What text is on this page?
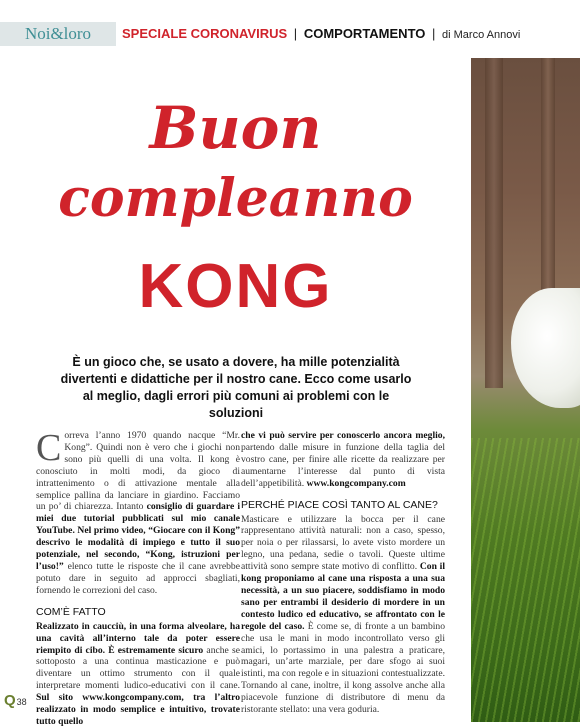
Noi&loro	SPECIALE CORONAVIRUS | COMPORTAMENTO | di Marco Annovi
Buon
compleanno
KONG
È un gioco che, se usato a dovere, ha mille potenzialità divertenti e didattiche per il nostro cane. Ecco come usarlo al meglio, dagli errori più comuni ai problemi con le soluzioni

Correva l’anno 1970 quando nacque “Mr. Kong”. Quindi non è vero che i giochi non sono più quelli di una volta. Il kong è conosciuto in molti modi, da gioco di intrattenimento o di attivazione mentale alla semplice pallina da lanciare in giardino. Facciamo un po’ di chiarezza. Intanto consiglio di guardare i miei due tutorial pubblicati sul mio canale YouTube. Nel primo video, “Giocare con il Kong” descrivo le modalità di impiego e tutto il suo potenziale, nel secondo, “Kong, istruzioni per l’uso!” elenco tutte le risposte che il cane avrebbe potuto dare in seguito ad approcci sbagliati, fornendo le correzioni del caso.

COM’È FATTO

Realizzato in caucciù, in una forma alveolare, ha una cavità all’interno tale da poter essere riempito di cibo. È estremamente sicuro anche se sottoposto a una continua masticazione e può diventare un ottimo strumento con il quale interpretare momenti ludico-educativi con il cane. Sul sito www.kongcompany.com, tra l’altro realizzato in modo semplice e intuitivo, trovate tutto quello

che vi può servire per conoscerlo ancora meglio, partendo dalle misure in funzione della taglia del vostro cane, per finire alle ricette da realizzare per aumentarne l’interesse dal punto di vista dell’appetibilità. www.kongcompany.com

PERCHÉ PIACE COSÌ TANTO AL CANE?

Masticare e utilizzare la bocca per il cane rappresentano attività naturali: non a caso, spesso, per noia o per rilassarsi, lo avete visto mordere un legno, una pedana, sedie o tavoli. Queste ultime attività sono sempre state motivo di conflitto. Con il kong proponiamo al cane una risposta a una sua necessità, a un suo piacere, soddisfiamo in modo sano per entrambi il desiderio di mordere in un contesto ludico ed educativo, se affrontato con le regole del caso. È come se, di fronte a un bambino che usa le mani in modo incontrollato verso gli amici, lo portassimo in una palestra a praticare, magari, un’arte marziale, per dare sfogo ai suoi istinti, ma con regole e in situazioni contestualizzate. Tornando al cane, inoltre, il kong assolve anche alla piacevole funzione di distributore di menu da ristorante stellato: una vera goduria.

Q38
